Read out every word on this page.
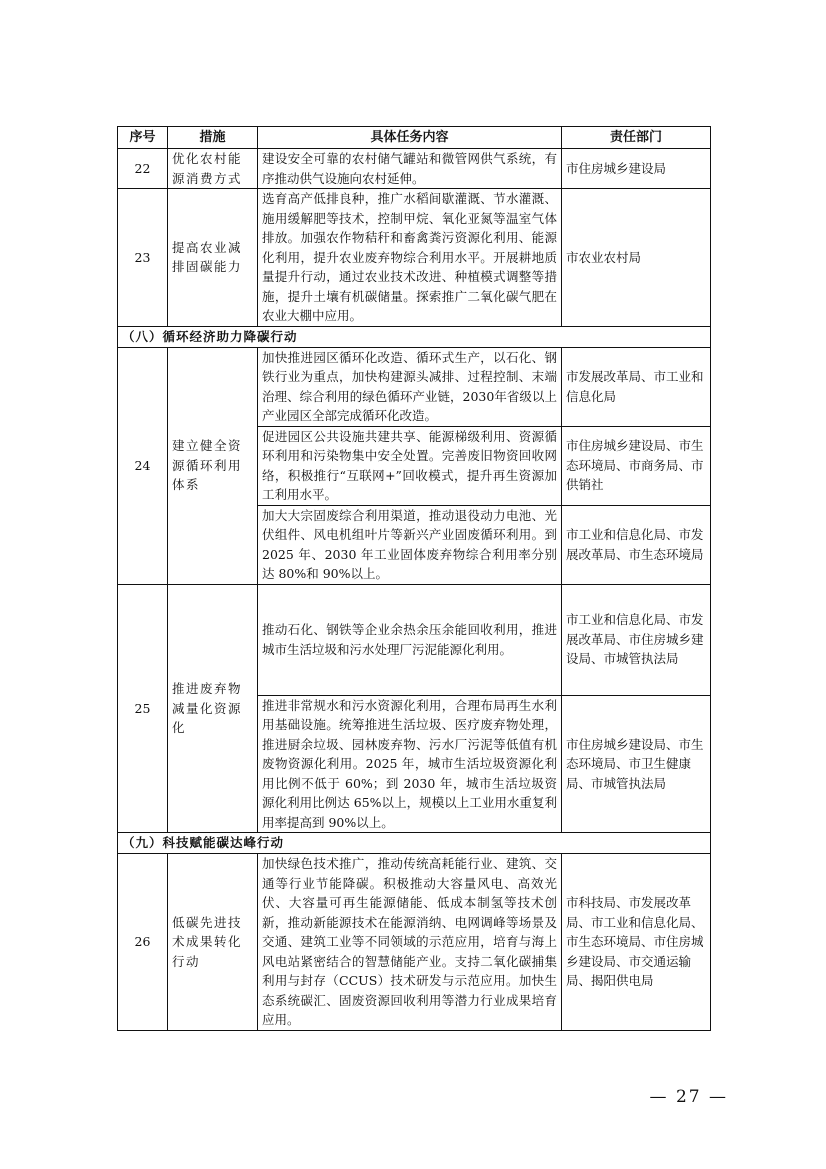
序号	措施	具体任务内容	责任部门
22	优化农村能源消费方式	建设安全可靠的农村储气罐站和微管网供气系统，有序推动供气设施向农村延伸。	市住房城乡建设局
23	提高农业减排固碳能力	选育高产低排良种，推广水稻间歇灌溉、节水灌溉、施用缓解肥等技术，控制甲烷、氧化亚氮等温室气体排放。加强农作物秸秆和畜禽粪污资源化利用、能源化利用，提升农业废弃物综合利用水平。开展耕地质量提升行动，通过农业技术改进、种植模式调整等措施，提升土壤有机碳储量。探索推广二氧化碳气肥在农业大棚中应用。	市农业农村局
（八）循环经济助力降碳行动			
24	建立健全资源循环利用体系	加快推进园区循环化改造、循环式生产，以石化、钢铁行业为重点，加快构建源头减排、过程控制、末端治理、综合利用的绿色循环产业链，2030年省级以上产业园区全部完成循环化改造。	市发展改革局、市工业和信息化局
		促进园区公共设施共建共享、能源梯级利用、资源循环利用和污染物集中安全处置。完善废旧物资回收网络，积极推行“互联网+”回收模式，提升再生资源加工利用水平。	市住房城乡建设局、市生态环境局、市商务局、市供销社
		加大大宗固废综合利用渠道，推动退役动力电池、光伏组件、风电机组叶片等新兴产业固废循环利用。到 2025 年、2030 年工业固体废弃物综合利用率分别达 80%和 90%以上。	市工业和信息化局、市发展改革局、市生态环境局
25	推进废弃物减量化资源化	推动石化、钢铁等企业余热余压余能回收利用，推进城市生活垃圾和污水处理厂污泥能源化利用。	市工业和信息化局、市发展改革局、市住房城乡建设局、市城管执法局
		推进非常规水和污水资源化利用，合理布局再生水利用基础设施。统筹推进生活垃圾、医疗废弃物处理，推进厨余垃圾、园林废弃物、污水厂污泥等低值有机废物资源化利用。2025 年，城市生活垃圾资源化利用比例不低于 60%；到 2030 年，城市生活垃圾资源化利用比例达 65%以上，规模以上工业用水重复利用率提高到 90%以上。	市住房城乡建设局、市生态环境局、市卫生健康局、市城管执法局
（九）科技赋能碳达峰行动			
26	低碳先进技术成果转化行动	加快绿色技术推广，推动传统高耗能行业、建筑、交通等行业节能降碳。积极推动大容量风电、高效光伏、大容量可再生能源储能、低成本制氢等技术创新，推动新能源技术在能源消纳、电网调峰等场景及交通、建筑工业等不同领域的示范应用，培育与海上风电站紧密结合的智慧储能产业。支持二氧化碳捕集利用与封存（CCUS）技术研发与示范应用。加快生态系统碳汇、固废资源回收利用等潜力行业成果培育应用。	市科技局、市发展改革局、市工业和信息化局、市生态环境局、市住房城乡建设局、市交通运输局、揭阳供电局
— 27 —
